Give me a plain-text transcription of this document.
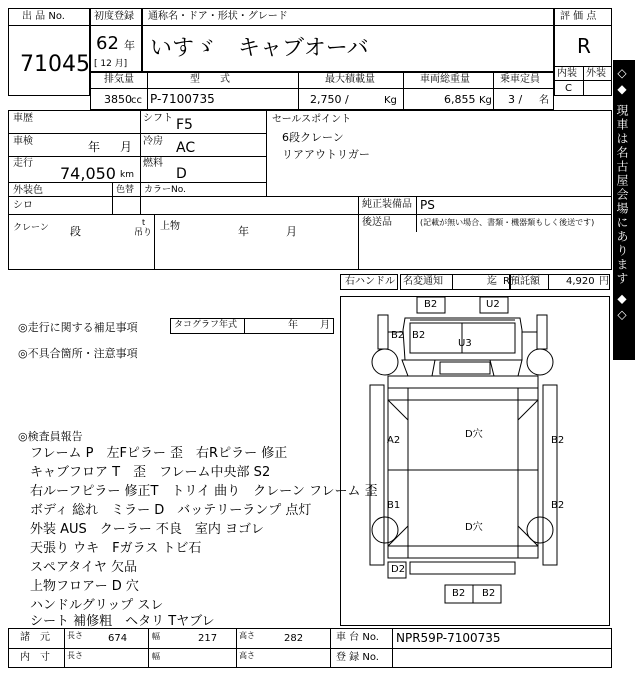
出 品 No.
71045
初度登録
62 年
[ 12 月]
通称名・ドア・形状・グレード
いすゞ　キャブオーバ
評 価 点
R
内装 外装
C
排気量	型　　式	最大積載量	車両総重量	乗車定員
3850 cc P-7100735	2,750 /	Kg	6,855 Kg 3 / 名
車歴	シフト F5
車検	年 月 冷房 AC
走行
74,050 km
燃料
D
外装色
シロ
色替 カラーNo.
セールスポイント
6段クレーン
リアアウトリガー
純正装備品 PS
後送品	(記載が無い場合、書類・機器類もしく後送です)
クレーン 段
t
吊り
上物	年	月
右ハンドル 名変通知	迄 R預託額	4,920 円
◎走行に関する補足事項	タコグラフ年式	年 月
◎不具合箇所・注意事項
◎検査員報告
フレーム P　左Fピラー 歪　右Rピラー 修正
キャブフロア T　歪　フレーム中央部 S2
右ルーフピラー 修正T　トリイ 曲り　クレーン フレーム 歪
ボディ 総れ　ミラー D　バッテリーランプ 点灯
外装 AUS　クーラー 不良　室内 ヨゴレ
天張り ウキ　Fガラス トビ石
スペアタイヤ 欠品
上物フロアー D 穴
ハンドルグリップ スレ
シート 補修粗　ヘタリ Tヤブレ
B2	U2
U3
B2 B2
A2
D穴
B2
B1
D穴
B2
D2
B2 B2
◇◆ 現車は名古屋会場にあります ◆◇
諸　元 長さ	674	幅	217	高さ	282	車 台 No. NPR59P-7100735
内　寸 長さ	幅	高さ	登 録 No.
